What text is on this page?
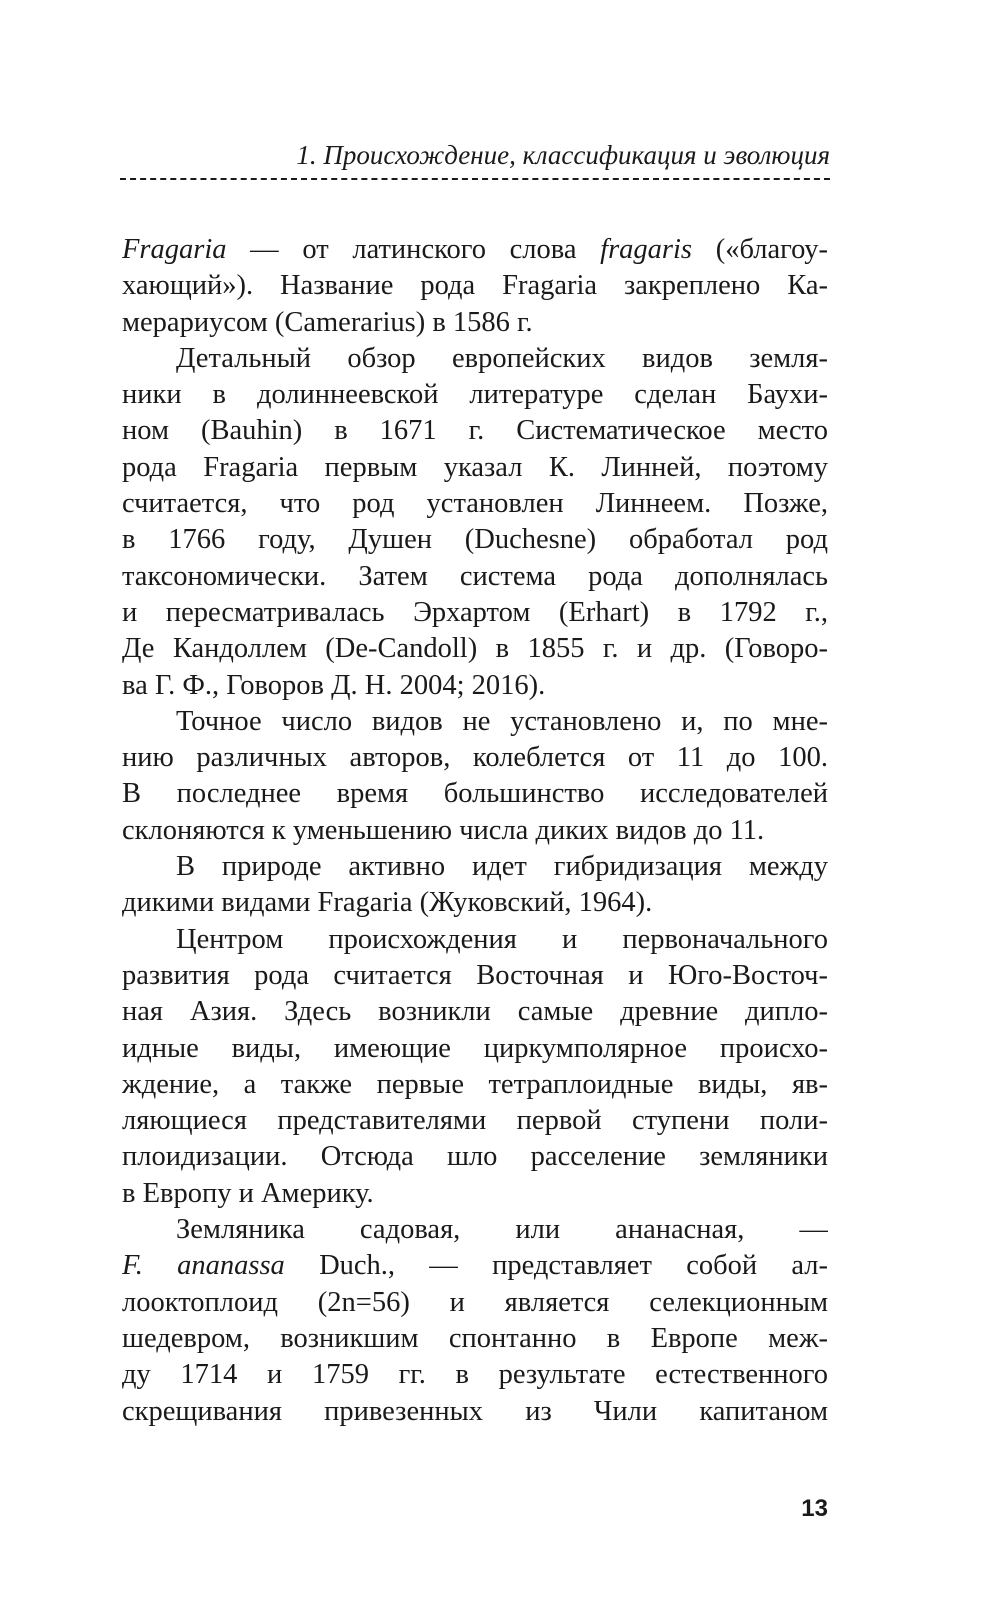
1. Происхождение, классификация и эволюция
Fragaria — от латинского слова fragaris («благоу-
хающий»). Название рода Fragaria закреплено Ка-
мерариусом (Camerarius) в 1586 г.
Детальный обзор европейских видов земля-
ники в долиннеевской литературе сделан Баухи-
ном (Bauhin) в 1671 г. Систематическое место
рода Fragaria первым указал К. Линней, поэтому
считается, что род установлен Линнеем. Позже,
в 1766 году, Душен (Duchesne) обработал род
таксономически. Затем система рода дополнялась
и пересматривалась Эрхартом (Erhart) в 1792 г.,
Де Кандоллем (De-Candoll) в 1855 г. и др. (Говоро-
ва Г. Ф., Говоров Д. Н. 2004; 2016).
Точное число видов не установлено и, по мне-
нию различных авторов, колеблется от 11 до 100.
В последнее время большинство исследователей
склоняются к уменьшению числа диких видов до 11.
В природе активно идет гибридизация между
дикими видами Fragaria (Жуковский, 1964).
Центром происхождения и первоначального
развития рода считается Восточная и Юго-Восточ-
ная Азия. Здесь возникли самые древние дипло-
идные виды, имеющие циркумполярное происхо-
ждение, а также первые тетраплоидные виды, яв-
ляющиеся представителями первой ступени поли-
плоидизации. Отсюда шло расселение земляники
в Европу и Америку.
Земляника садовая, или ананасная, —
F. ananassa Duch., — представляет собой ал-
лооктоплоид (2n=56) и является селекционным
шедевром, возникшим спонтанно в Европе меж-
ду 1714 и 1759 гг. в результате естественного
скрещивания привезенных из Чили капитаном
13
